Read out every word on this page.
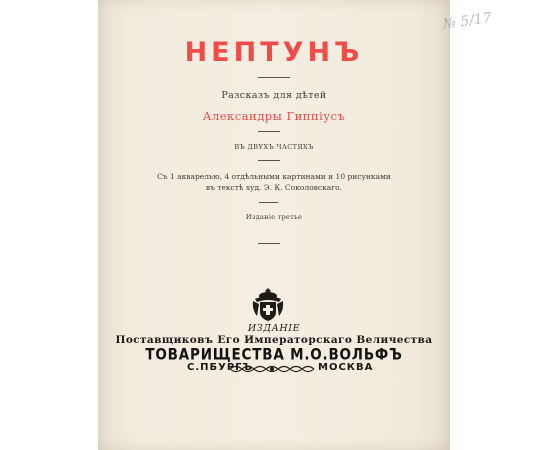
№ 5/17
НЕПТУНЪ
Разсказъ для дѣтей
Александры Гиппіусъ
ВЪ ДВУХЪ ЧАСТЯХЪ
Съ 1 акварелью, 4 отдѣльными картинами и 10 рисунками
въ текстѣ худ. Э. К. Соколовскаго.
Изданіе третье
ИЗДАНІЕ
Поставщиковъ Его Императорскаго Величества
ТОВАРИЩЕСТВА М.О.ВОЛЬФЪ
С.ПБУРГЪ	МОСКВА
